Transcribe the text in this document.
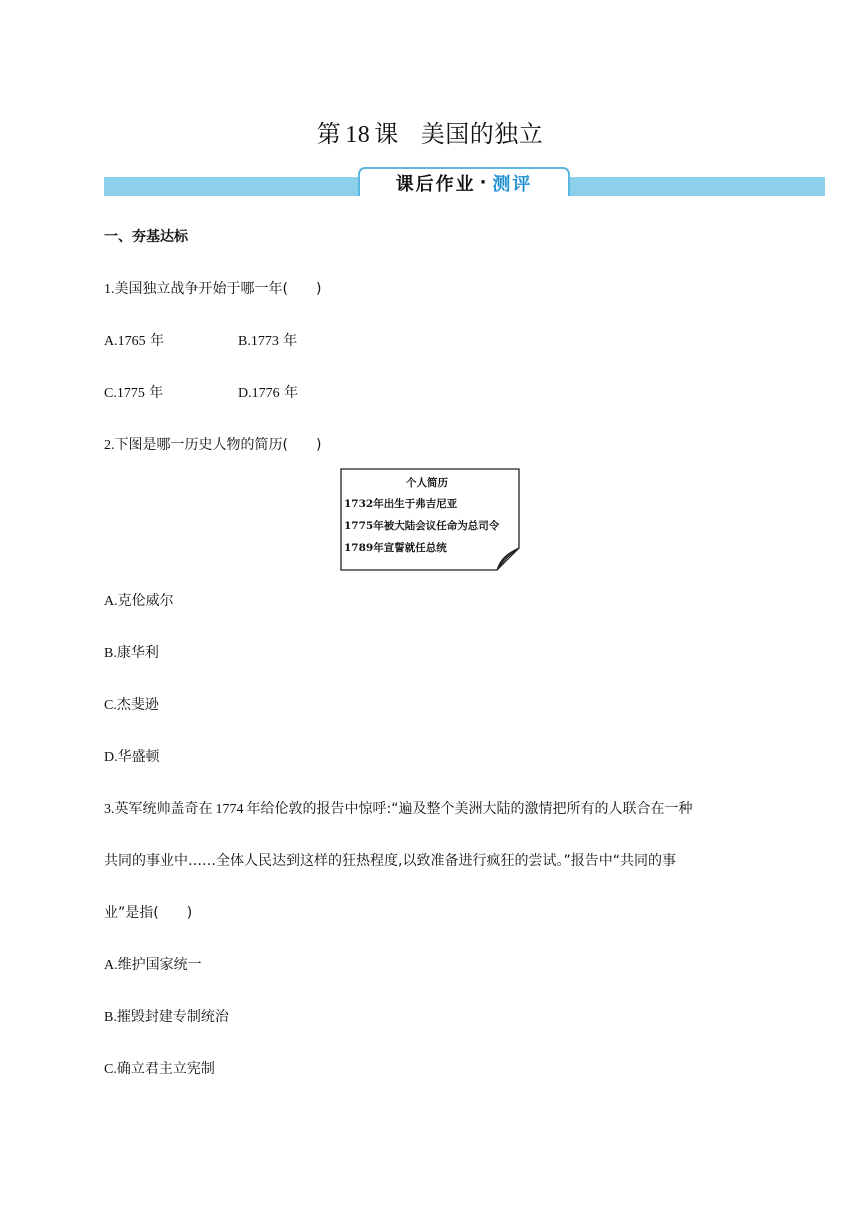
第 18 课 美国的独立
课后作业 · 测评
一、夯基达标
1.美国独立战争开始于哪一年(　　)
A.1765 年	B.1773 年
C.1775 年	D.1776 年
2.下图是哪一历史人物的简历(　　)
个人简历
1732年出生于弗吉尼亚
1775年被大陆会议任命为总司令
1789年宣誓就任总统
A.克伦威尔
B.康华利
C.杰斐逊
D.华盛顿
3.英军统帅盖奇在 1774 年给伦敦的报告中惊呼:“遍及整个美洲大陆的激情把所有的人联合在一种
共同的事业中……全体人民达到这样的狂热程度,以致准备进行疯狂的尝试。”报告中“共同的事
业”是指(　　)
A.维护国家统一
B.摧毁封建专制统治
C.确立君主立宪制
